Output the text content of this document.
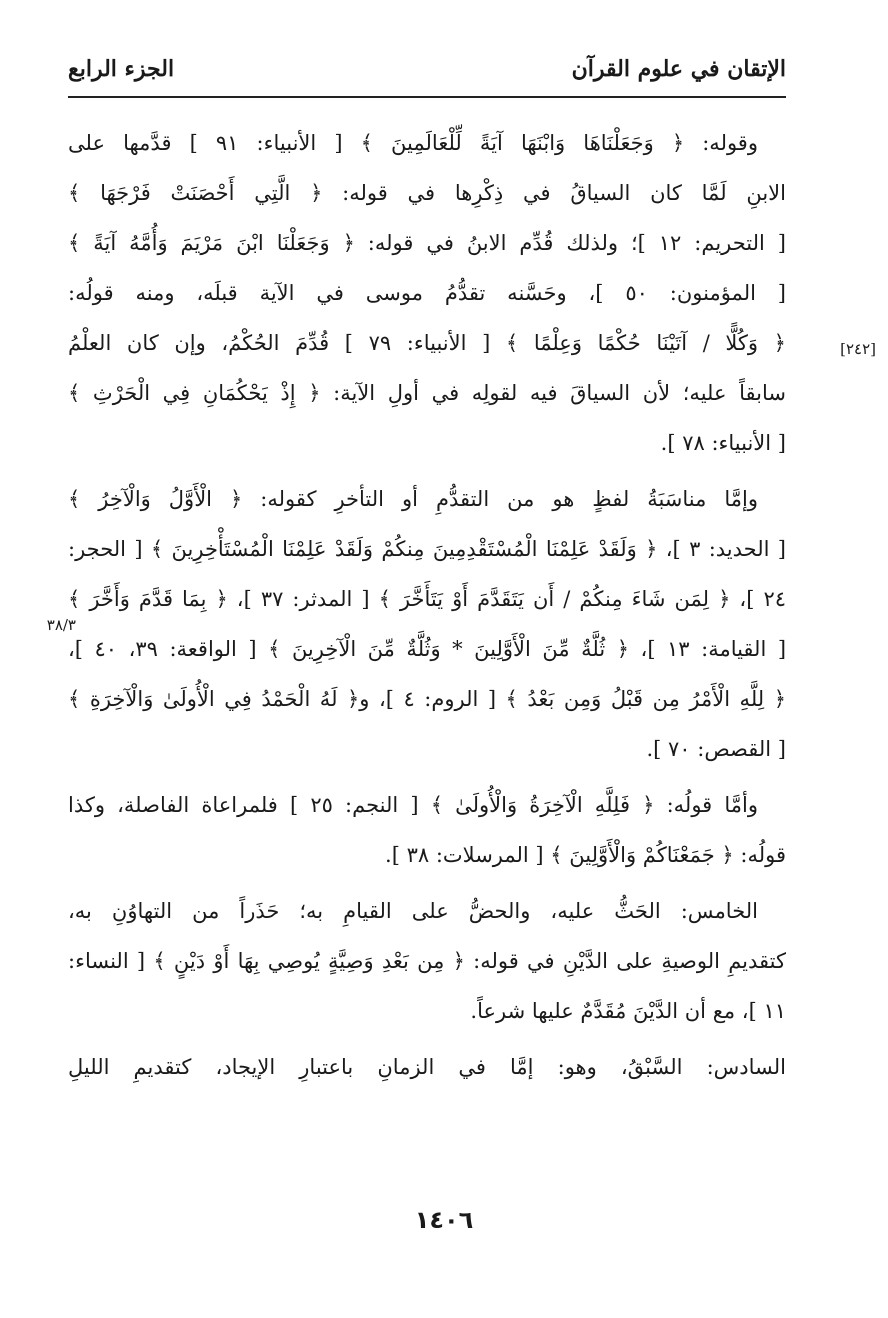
الإتقان في علوم القرآن
الجزء الرابع
[٢٤٢]
٣٨/٣
وقوله: ﴿ وَجَعَلْنَاهَا وَابْنَهَا آيَةً لِّلْعَالَمِينَ ﴾ [ الأنبياء: ٩١ ] قدَّمها على
الابنِ لَمَّا كان السياقُ في ذِكْرِها في قوله: ﴿ الَّتِي أَحْصَنَتْ فَرْجَهَا ﴾
[ التحريم: ١٢ ]؛ ولذلك قُدِّم الابنُ في قوله: ﴿ وَجَعَلْنَا ابْنَ مَرْيَمَ وَأُمَّهُ آيَةً ﴾
[ المؤمنون: ٥٠ ]، وحَسَّنه تقدُّمُ موسى في الآية قبلَه، ومنه قولُه:
﴿ وَكُلًّا / آتَيْنَا حُكْمًا وَعِلْمًا ﴾ [ الأنبياء: ٧٩ ] قُدِّمَ الحُكْمُ، وإن كان العلْمُ
سابقاً عليه؛ لأن السياقَ فيه لقولِه في أولِ الآية: ﴿ إِذْ يَحْكُمَانِ فِي الْحَرْثِ ﴾
[ الأنبياء: ٧٨ ].
وإمَّا مناسَبَةُ لفظٍ هو من التقدُّمِ أو التأخرِ كقوله: ﴿ الْأَوَّلُ وَالْآخِرُ ﴾
[ الحديد: ٣ ]، ﴿ وَلَقَدْ عَلِمْنَا الْمُسْتَقْدِمِينَ مِنكُمْ وَلَقَدْ عَلِمْنَا الْمُسْتَأْخِرِينَ ﴾ [ الحجر:
٢٤ ]، ﴿ لِمَن شَاءَ مِنكُمْ / أَن يَتَقَدَّمَ أَوْ يَتَأَخَّرَ ﴾ [ المدثر: ٣٧ ]، ﴿ بِمَا قَدَّمَ وَأَخَّرَ ﴾
[ القيامة: ١٣ ]، ﴿ ثُلَّةٌ مِّنَ الْأَوَّلِينَ * وَثُلَّةٌ مِّنَ الْآخِرِينَ ﴾ [ الواقعة: ٣٩، ٤٠ ]،
﴿ لِلَّهِ الْأَمْرُ مِن قَبْلُ وَمِن بَعْدُ ﴾ [ الروم: ٤ ]، و﴿ لَهُ الْحَمْدُ فِي الْأُولَىٰ وَالْآخِرَةِ ﴾
[ القصص: ٧٠ ].
وأمَّا قولُه: ﴿ فَلِلَّهِ الْآخِرَةُ وَالْأُولَىٰ ﴾ [ النجم: ٢٥ ] فلمراعاة الفاصلة، وكذا
قولُه: ﴿ جَمَعْنَاكُمْ وَالْأَوَّلِينَ ﴾ [ المرسلات: ٣٨ ].
الخامس: الحَثُّ عليه، والحضُّ على القيامِ به؛ حَذَراً من التهاوُنِ به،
كتقديمِ الوصيةِ على الدَّيْنِ في قوله: ﴿ مِن بَعْدِ وَصِيَّةٍ يُوصِي بِهَا أَوْ دَيْنٍ ﴾ [ النساء:
١١ ]، مع أن الدَّيْنَ مُقَدَّمٌ عليها شرعاً.
السادس: السَّبْقُ، وهو: إمَّا في الزمانِ باعتبارِ الإيجاد، كتقديمِ الليلِ
١٤٠٦
